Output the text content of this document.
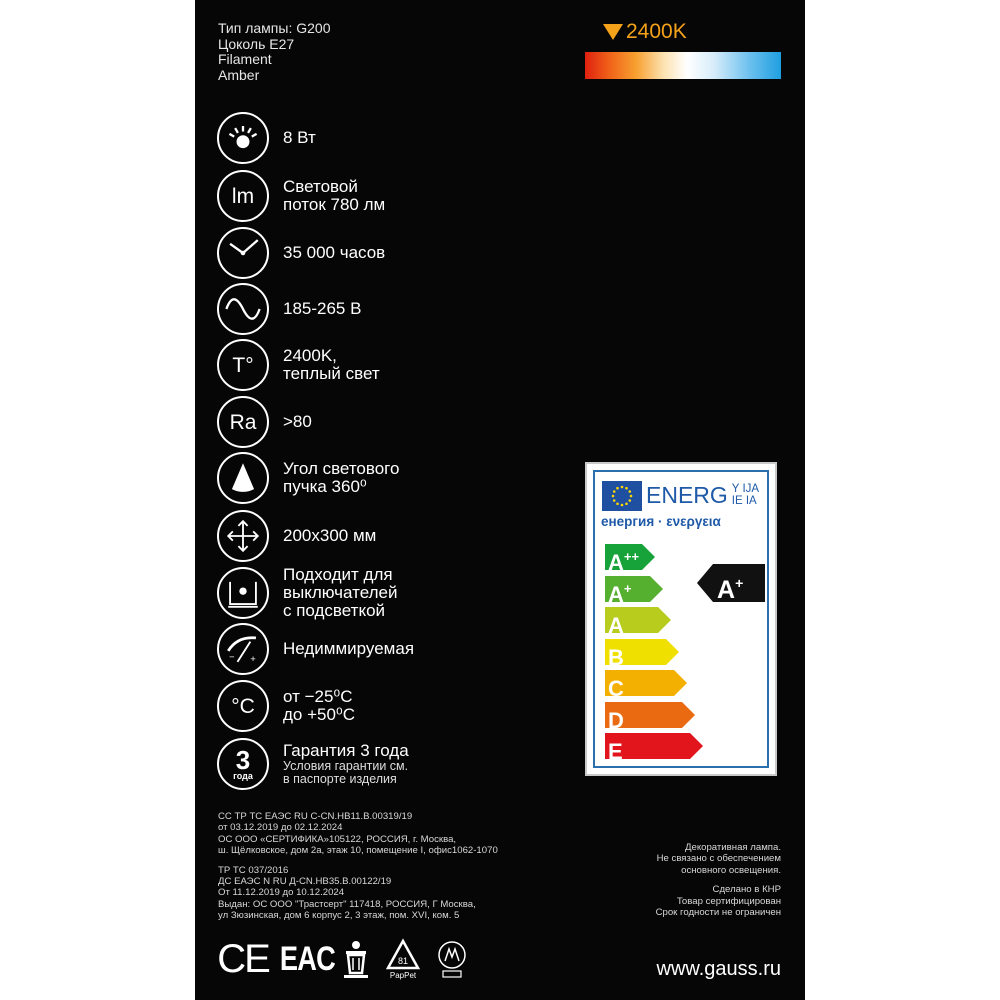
Тип лампы: G200
Цоколь E27
Filament
Amber
2400K
8 Вт
lm Световой
поток 780 лм
35 000 часов
185-265 В
T° 2400K,
теплый свет
Ra >80
Угол светового
пучка 360⁰
200x300 мм
Подходит для
выключателей
с подсветкой
− +
Недиммируемая
°C от −25⁰С
до +50⁰С
3
года
Гарантия 3 года
Условия гарантии см.
в паспорте изделия
ENERG Y IJA
IE IA
енергия · ενεργεια
A++
A+
A
B
C
D
E
A+
СС ТР ТС ЕАЭС RU С-CN.НВ11.В.00319/19
от 03.12.2019 до 02.12.2024
ОС ООО «СЕРТИФИКА»105122, РОССИЯ, г. Москва,
ш. Щёлковское, дом 2а, этаж 10, помещение I, офис1062-1070
ТР ТС 037/2016
ДС ЕАЭС N RU Д-CN.НВ35.В.00122/19
От 11.12.2019 до 10.12.2024
Выдан: ОС ООО "Трастсерт" 117418, РОССИЯ, Г Москва,
ул Зюзинская, дом 6 корпус 2, 3 этаж, пом. XVI, ком. 5
Декоративная лампа.
Не связано с обеспечением
основного освещения.
Сделано в КНР
Товар сертифицирован
Срок годности не ограничен
CE EAC	81
PapPet	www.gauss.ru
